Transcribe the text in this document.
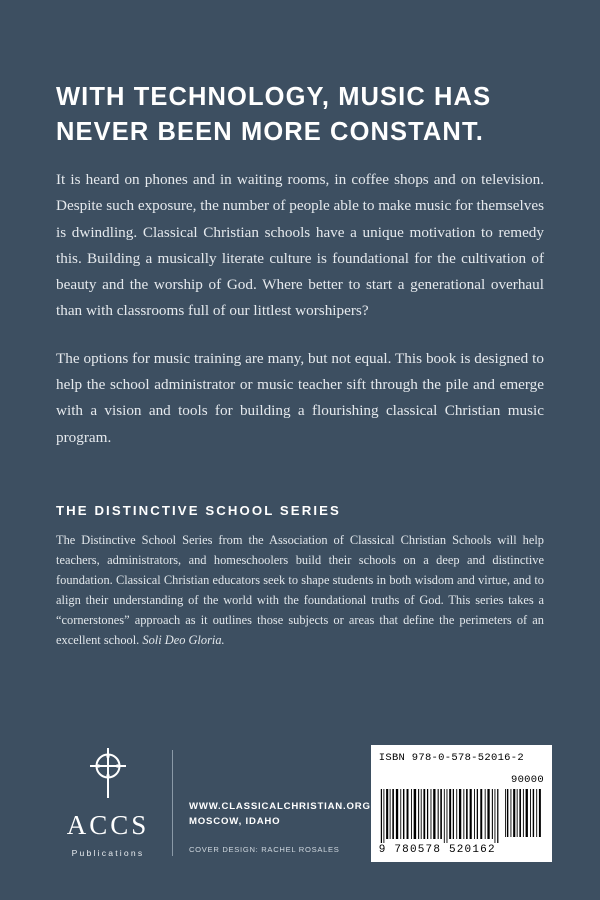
WITH TECHNOLOGY, MUSIC HAS NEVER BEEN MORE CONSTANT.

It is heard on phones and in waiting rooms, in coffee shops and on television. Despite such exposure, the number of people able to make music for themselves is dwindling. Classical Christian schools have a unique motivation to remedy this. Building a musically literate culture is foundational for the cultivation of beauty and the worship of God. Where better to start a generational overhaul than with classrooms full of our littlest worshipers?

The options for music training are many, but not equal. This book is designed to help the school administrator or music teacher sift through the pile and emerge with a vision and tools for building a flourishing classical Christian music program.

THE DISTINCTIVE SCHOOL SERIES

The Distinctive School Series from the Association of Classical Christian Schools will help teachers, administrators, and homeschoolers build their schools on a deep and distinctive foundation. Classical Christian educators seek to shape students in both wisdom and virtue, and to align their understanding of the world with the foundational truths of God. This series takes a “cornerstones” approach as it outlines those subjects or areas that define the perimeters of an excellent school. Soli Deo Gloria.

ACCS
Publications
WWW.CLASSICALCHRISTIAN.ORG
MOSCOW, IDAHO
COVER DESIGN: RACHEL ROSALES
ISBN 978-0-578-52016-2
90000
9 780578 520162
